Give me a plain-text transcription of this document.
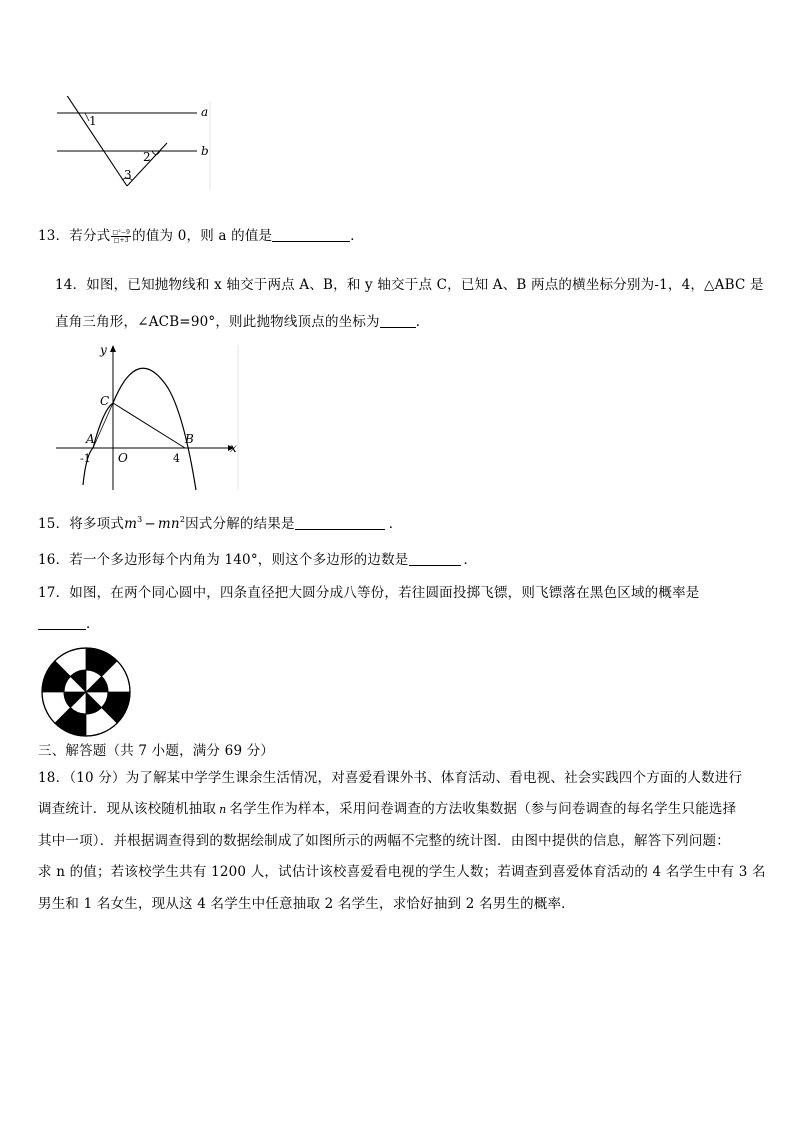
a
b
1
2
3
13．若分式 $\frac{\text{□²−9}}{□+3}$ 的值为 0，则 a 的值是	．
14．如图，已知抛物线和 x 轴交于两点 A、B，和 y 轴交于点 C，已知 A、B 两点的横坐标分别为-1，4，△ABC 是
直角三角形，∠ACB=90°，则此抛物线顶点的坐标为	．
y
x
C
A	B
O
-1	4
15．将多项式$m^3 - mn^2$因式分解的结果是	．
16．若一个多边形每个内角为 140°，则这个多边形的边数是	．
17．如图，在两个同心圆中，四条直径把大圆分成八等份，若往圆面投掷飞镖，则飞镖落在黑色区域的概率是
．
三、解答题（共 7 小题，满分 69 分）
18．（10 分）为了解某中学学生课余生活情况，对喜爱看课外书、体育活动、看电视、社会实践四个方面的人数进行
调查统计．现从该校随机抽取 n 名学生作为样本，采用问卷调查的方法收集数据（参与问卷调查的每名学生只能选择
其中一项）．并根据调查得到的数据绘制成了如图所示的两幅不完整的统计图．由图中提供的信息，解答下列问题：
求 n 的值；若该校学生共有 1200 人，试估计该校喜爱看电视的学生人数；若调查到喜爱体育活动的 4 名学生中有 3 名
男生和 1 名女生，现从这 4 名学生中任意抽取 2 名学生，求恰好抽到 2 名男生的概率．
